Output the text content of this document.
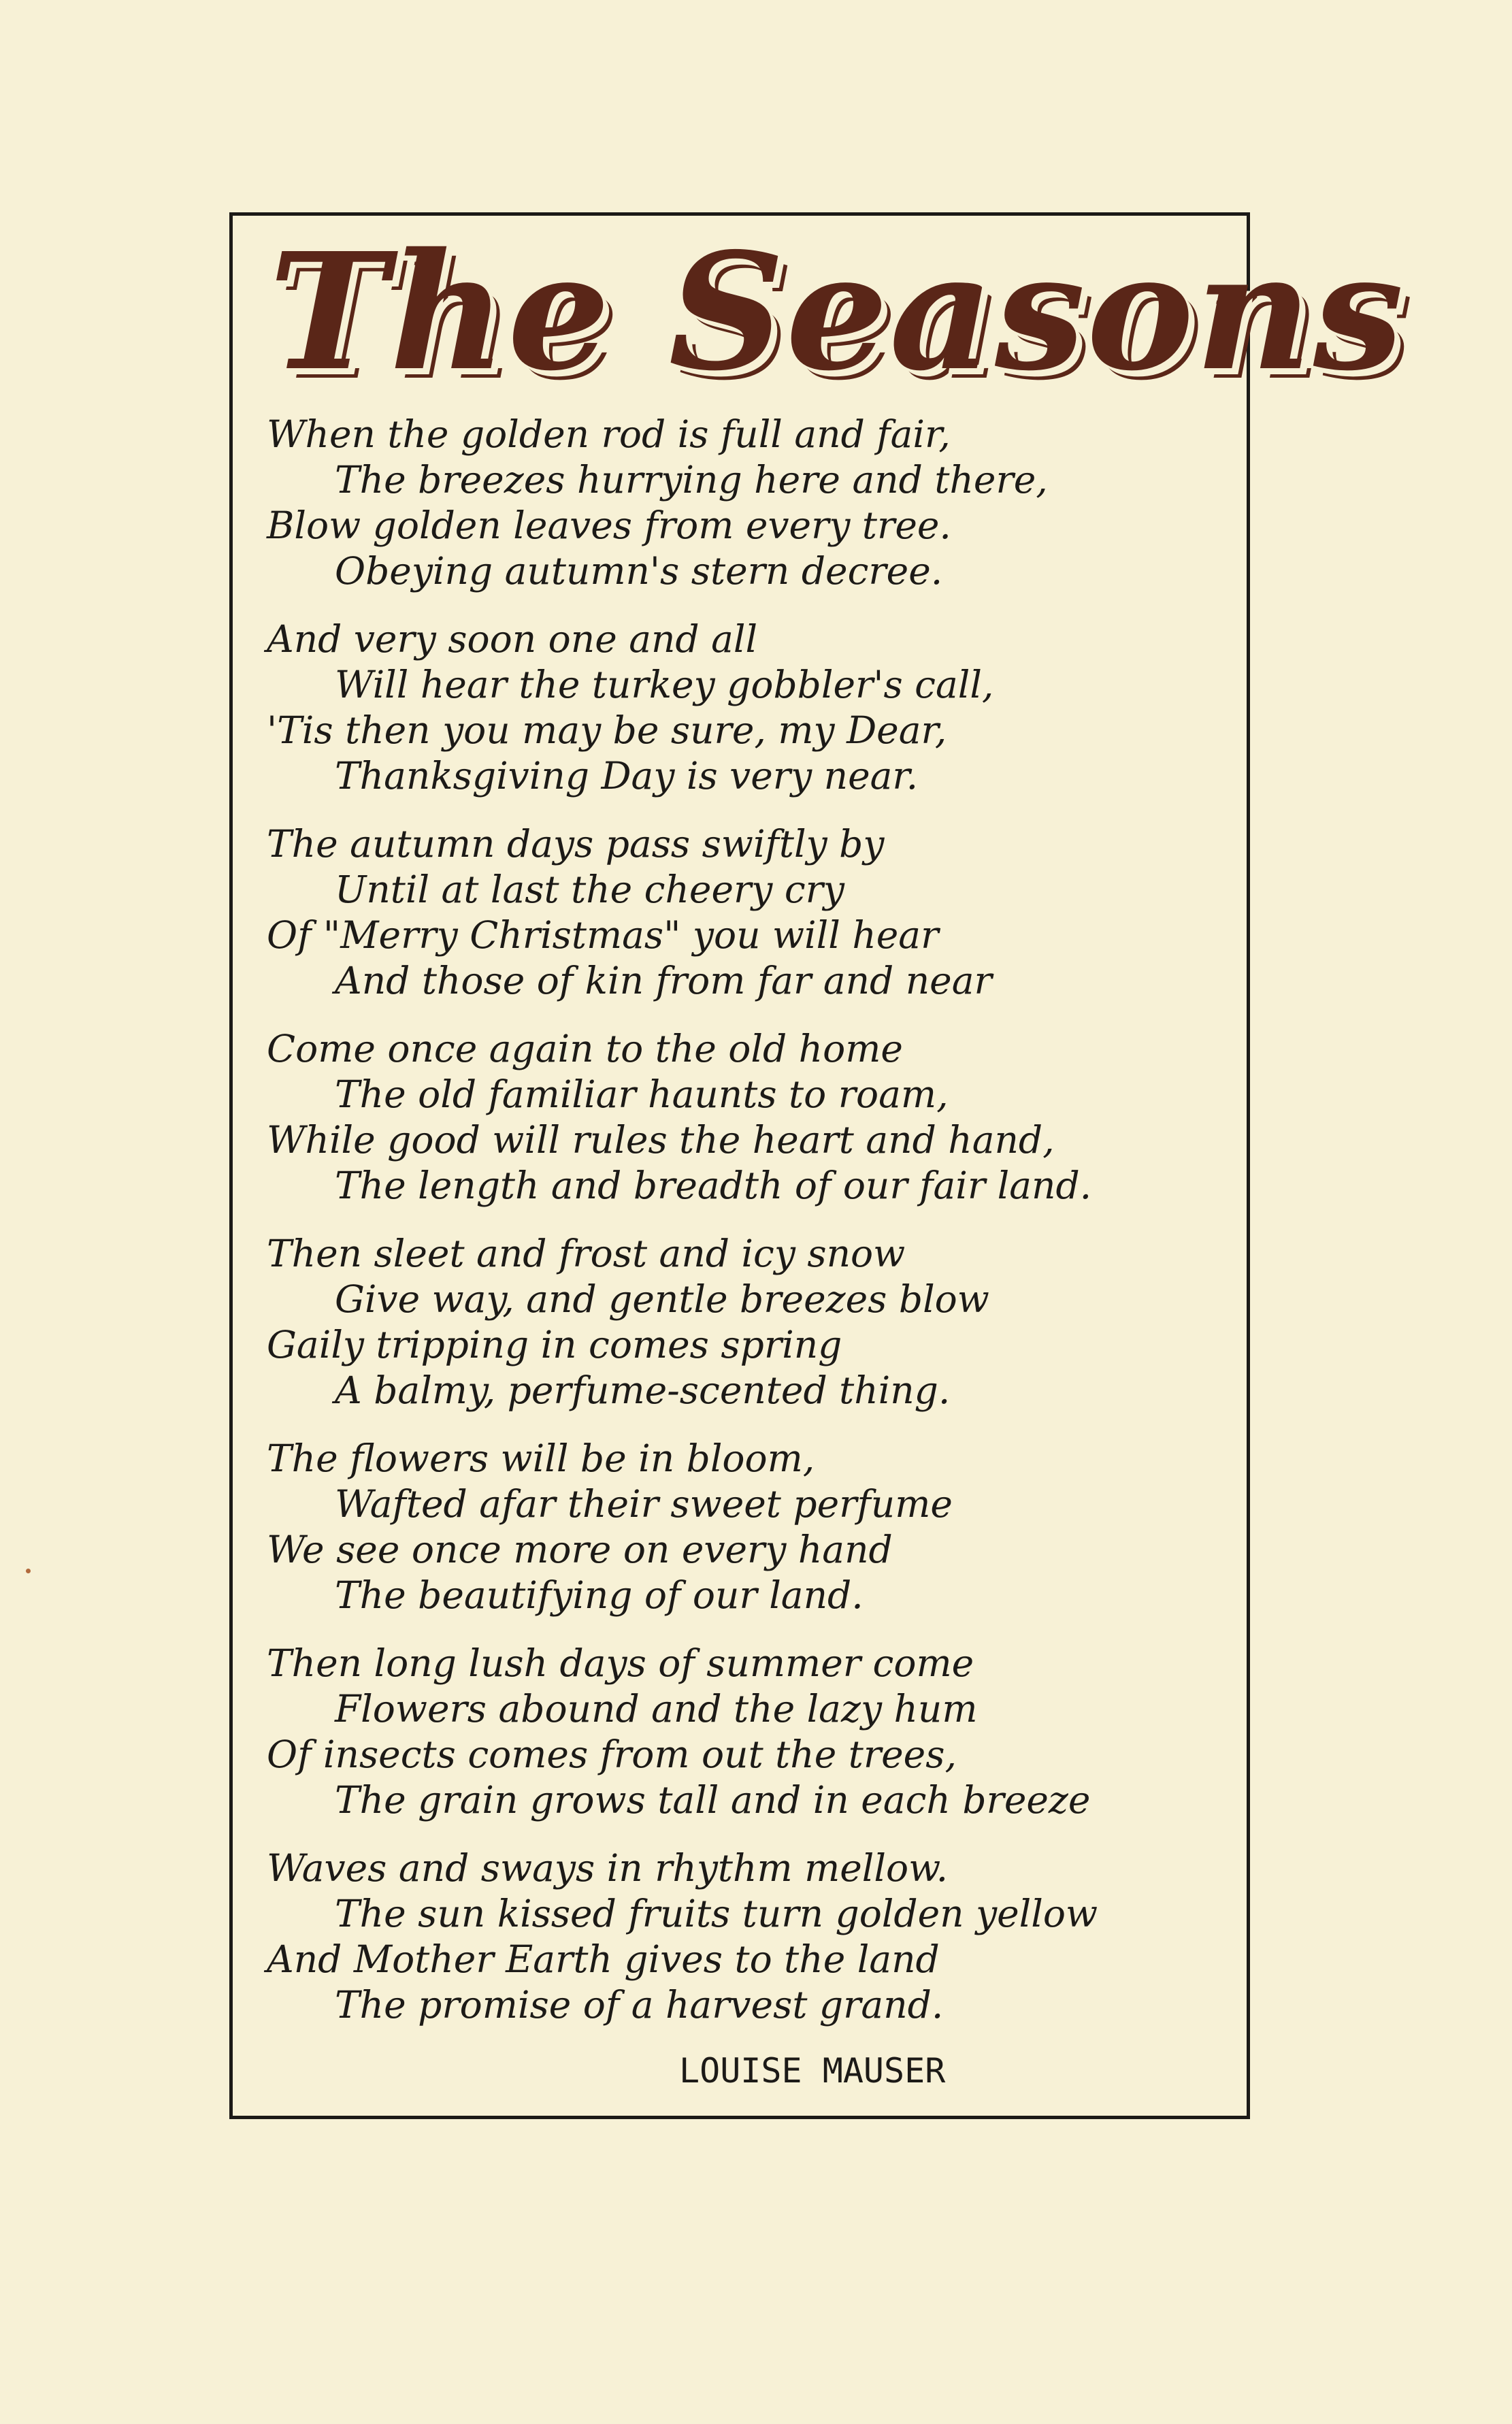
The Seasons
When the golden rod is full and fair,
The breezes hurrying here and there,
Blow golden leaves from every tree.
Obeying autumn's stern decree.
And very soon one and all
Will hear the turkey gobbler's call,
'Tis then you may be sure, my Dear,
Thanksgiving Day is very near.
The autumn days pass swiftly by
Until at last the cheery cry
Of "Merry Christmas" you will hear
And those of kin from far and near
Come once again to the old home
The old familiar haunts to roam,
While good will rules the heart and hand,
The length and breadth of our fair land.
Then sleet and frost and icy snow
Give way, and gentle breezes blow
Gaily tripping in comes spring
A balmy, perfume-scented thing.
The flowers will be in bloom,
Wafted afar their sweet perfume
We see once more on every hand
The beautifying of our land.
Then long lush days of summer come
Flowers abound and the lazy hum
Of insects comes from out the trees,
The grain grows tall and in each breeze
Waves and sways in rhythm mellow.
The sun kissed fruits turn golden yellow
And Mother Earth gives to the land
The promise of a harvest grand.
LOUISE MAUSER
